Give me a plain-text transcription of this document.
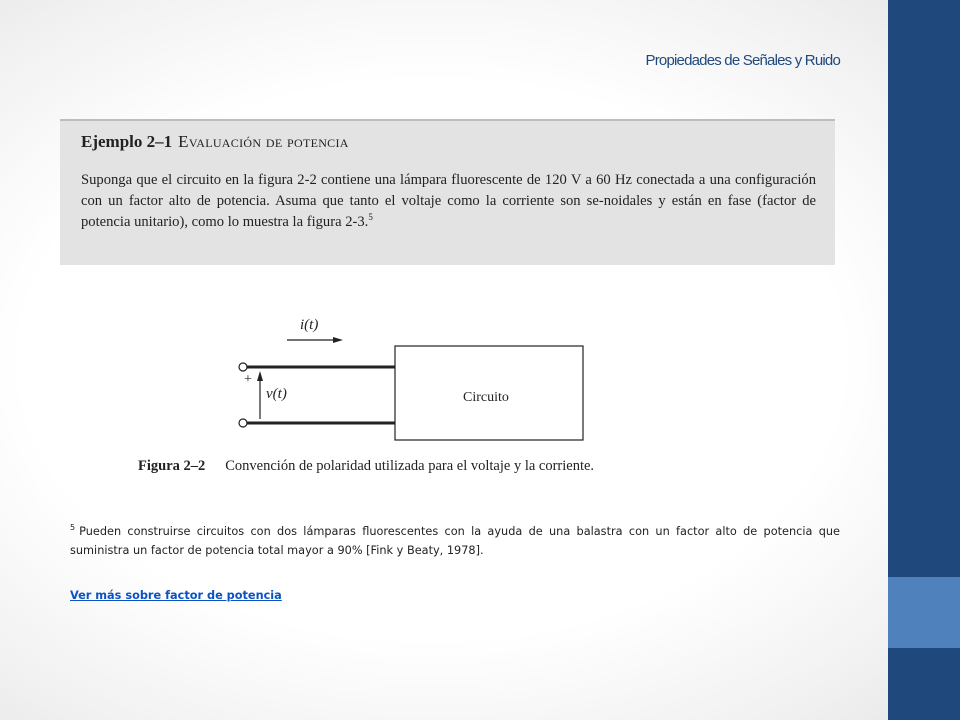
Propiedades de Señales y Ruido
Ejemplo 2–1 Evaluación de potencia
Suponga que el circuito en la figura 2-2 contiene una lámpara fluorescente de 120 V a 60 Hz conectada a una configuración con un factor alto de potencia. Asuma que tanto el voltaje como la corriente son se-noidales y están en fase (factor de potencia unitario), como lo muestra la figura 2-3.$^5$
i(t)
+
v(t)	Circuito
Figura 2–2 Convención de polaridad utilizada para el voltaje y la corriente.
$^5$ Pueden construirse circuitos con dos lámparas fluorescentes con la ayuda de una balastra con un factor alto de potencia que suministra un factor de potencia total mayor a 90% [Fink y Beaty, 1978].
Ver más sobre factor de potencia
